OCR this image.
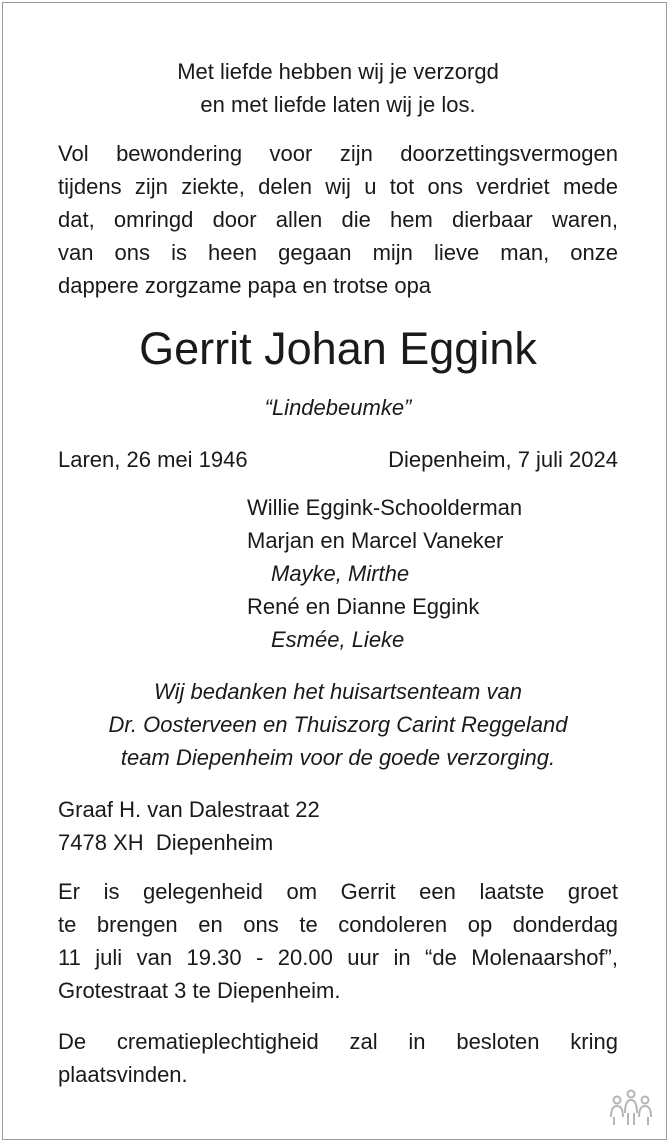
Met liefde hebben wij je verzorgd
en met liefde laten wij je los.
Vol bewondering voor zijn doorzettingsvermogen
tijdens zijn ziekte, delen wij u tot ons verdriet mede
dat, omringd door allen die hem dierbaar waren,
van ons is heen gegaan mijn lieve man, onze
dappere zorgzame papa en trotse opa
Gerrit Johan Eggink
“Lindebeumke”
Laren, 26 mei 1946	Diepenheim, 7 juli 2024
Willie Eggink-Schoolderman
Marjan en Marcel Vaneker
Mayke, Mirthe
René en Dianne Eggink
Esmée, Lieke
Wij bedanken het huisartsenteam van
Dr. Oosterveen en Thuiszorg Carint Reggeland
team Diepenheim voor de goede verzorging.
Graaf H. van Dalestraat 22
7478 XH  Diepenheim
Er is gelegenheid om Gerrit een laatste groet
te brengen en ons te condoleren op donderdag
11 juli van 19.30 - 20.00 uur in “de Molenaarshof”,
Grotestraat 3 te Diepenheim.
De crematieplechtigheid zal in besloten kring
plaatsvinden.
